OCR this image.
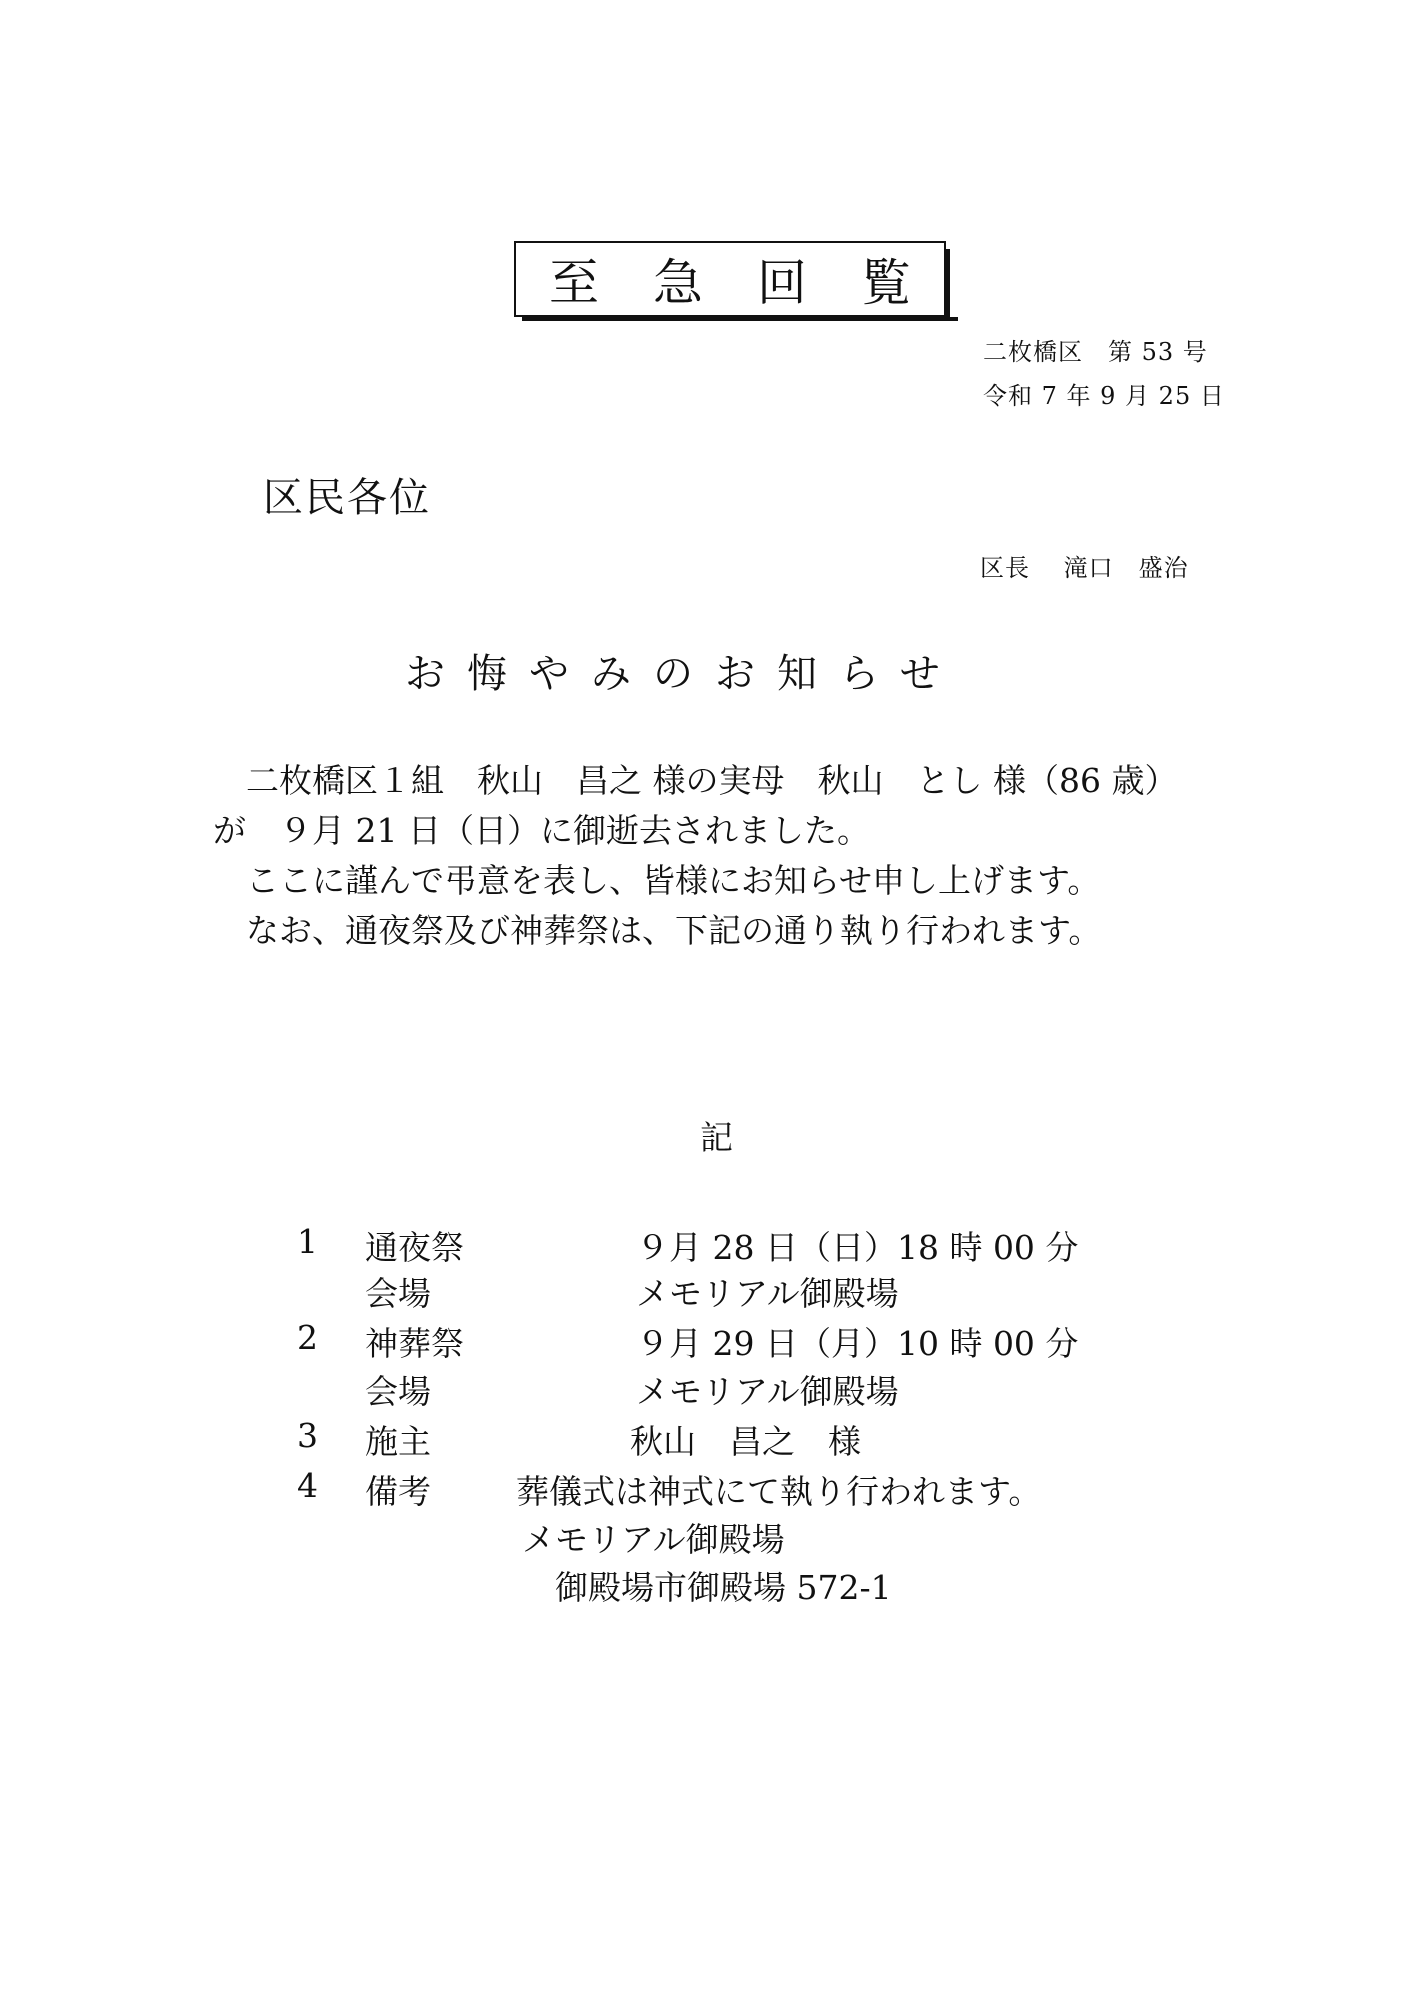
至 急 回 覧
二枚橋区　第 53 号
令和 7 年 9 月 25 日
区民各位
区長　 滝口　盛治
お悔やみのお知らせ

　二枚橋区１組　秋山　昌之 様の実母　秋山　とし 様（86 歳）が　９月 21 日（日）に御逝去されました。

　ここに謹んで弔意を表し、皆様にお知らせ申し上げます。

　なお、通夜祭及び神葬祭は、下記の通り執り行われます。

記
1 通夜祭	９月 28 日（日）18 時 00 分
会場	メモリアル御殿場
2 神葬祭	９月 29 日（月）10 時 00 分
会場	メモリアル御殿場
3 施主	秋山　昌之　様
4 備考	葬儀式は神式にて執り行われます。
メモリアル御殿場
御殿場市御殿場 572-1
